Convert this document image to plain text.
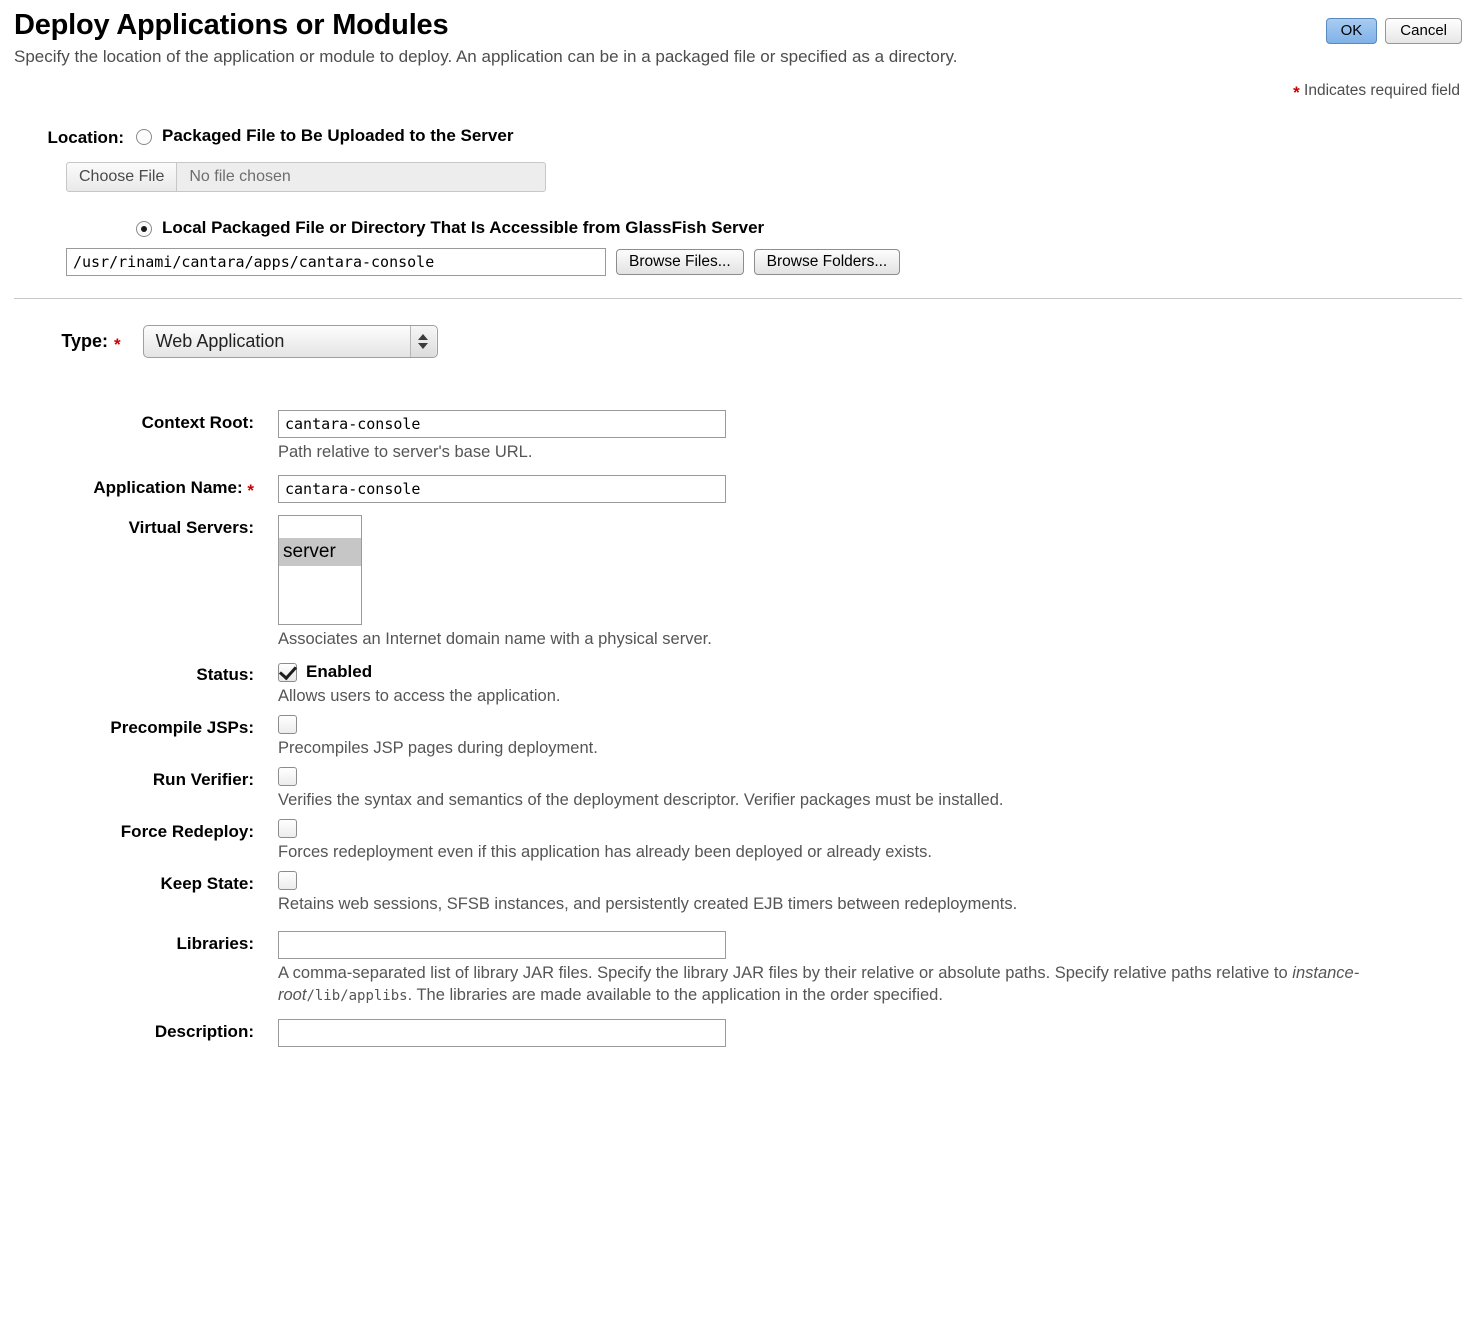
Deploy Applications or Modules	OK	Cancel

Specify the location of the application or module to deploy. An application can be in a packaged file or specified as a directory.

* Indicates required field
Location:	Packaged File to Be Uploaded to the Server
Choose File	No file chosen
Local Packaged File or Directory That Is Accessible from GlassFish Server
/usr/rinami/cantara/apps/cantara-console
Browse Files...	Browse Folders...
Type: * Web Application
Context Root:
cantara-console
Path relative to server's base URL.
Application Name: *
cantara-console
Virtual Servers:
server
Associates an Internet domain name with a physical server.
Status:	Enabled
Allows users to access the application.
Precompile JSPs:
Precompiles JSP pages during deployment.
Run Verifier:
Verifies the syntax and semantics of the deployment descriptor. Verifier packages must be installed.
Force Redeploy:
Forces redeployment even if this application has already been deployed or already exists.
Keep State:
Retains web sessions, SFSB instances, and persistently created EJB timers between redeployments.
Libraries:
A comma-separated list of library JAR files. Specify the library JAR files by their relative or absolute paths. Specify relative paths relative to instance-root/lib/applibs. The libraries are made available to the application in the order specified.
Description:
